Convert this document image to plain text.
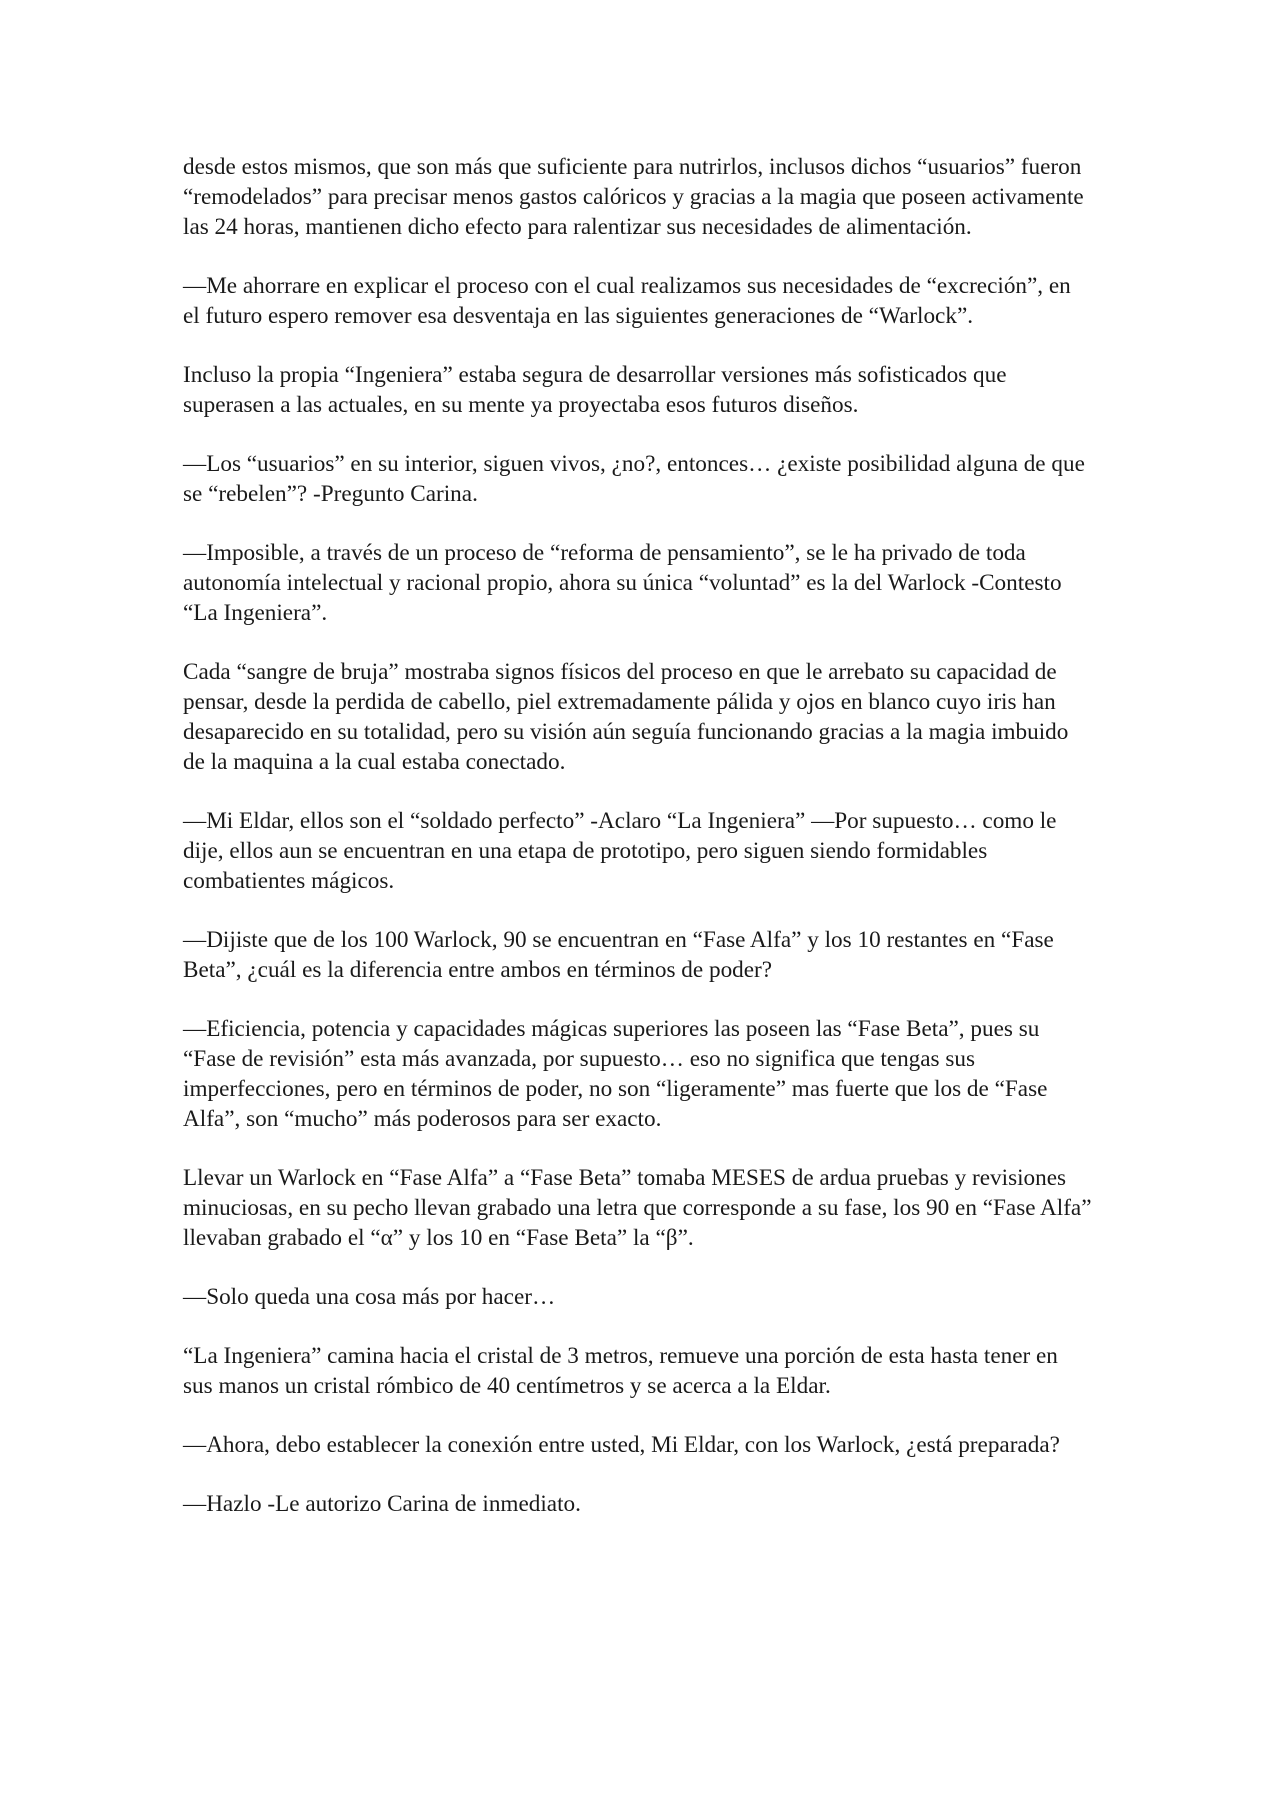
desde estos mismos, que son más que suficiente para nutrirlos, inclusos dichos “usuarios” fueron “remodelados” para precisar menos gastos calóricos y gracias a la magia que poseen activamente las 24 horas, mantienen dicho efecto para ralentizar sus necesidades de alimentación.

—Me ahorrare en explicar el proceso con el cual realizamos sus necesidades de “excreción”, en el futuro espero remover esa desventaja en las siguientes generaciones de “Warlock”.

Incluso la propia “Ingeniera” estaba segura de desarrollar versiones más sofisticados que superasen a las actuales, en su mente ya proyectaba esos futuros diseños.

—Los “usuarios” en su interior, siguen vivos, ¿no?, entonces… ¿existe posibilidad alguna de que se “rebelen”? -Pregunto Carina.

—Imposible, a través de un proceso de “reforma de pensamiento”, se le ha privado de toda autonomía intelectual y racional propio, ahora su única “voluntad” es la del Warlock -Contesto “La Ingeniera”.

Cada “sangre de bruja” mostraba signos físicos del proceso en que le arrebato su capacidad de pensar, desde la perdida de cabello, piel extremadamente pálida y ojos en blanco cuyo iris han desaparecido en su totalidad, pero su visión aún seguía funcionando gracias a la magia imbuido de la maquina a la cual estaba conectado.

—Mi Eldar, ellos son el “soldado perfecto” -Aclaro “La Ingeniera” —Por supuesto… como le dije, ellos aun se encuentran en una etapa de prototipo, pero siguen siendo formidables combatientes mágicos.

—Dijiste que de los 100 Warlock, 90 se encuentran en “Fase Alfa” y los 10 restantes en “Fase Beta”, ¿cuál es la diferencia entre ambos en términos de poder?

—Eficiencia, potencia y capacidades mágicas superiores las poseen las “Fase Beta”, pues su “Fase de revisión” esta más avanzada, por supuesto… eso no significa que tengas sus imperfecciones, pero en términos de poder, no son “ligeramente” mas fuerte que los de “Fase Alfa”, son “mucho” más poderosos para ser exacto.

Llevar un Warlock en “Fase Alfa” a “Fase Beta” tomaba MESES de ardua pruebas y revisiones minuciosas, en su pecho llevan grabado una letra que corresponde a su fase, los 90 en “Fase Alfa” llevaban grabado el “α” y los 10 en “Fase Beta” la “β”.

—Solo queda una cosa más por hacer…

“La Ingeniera” camina hacia el cristal de 3 metros, remueve una porción de esta hasta tener en sus manos un cristal rómbico de 40 centímetros y se acerca a la Eldar.

—Ahora, debo establecer la conexión entre usted, Mi Eldar, con los Warlock, ¿está preparada?

—Hazlo -Le autorizo Carina de inmediato.
